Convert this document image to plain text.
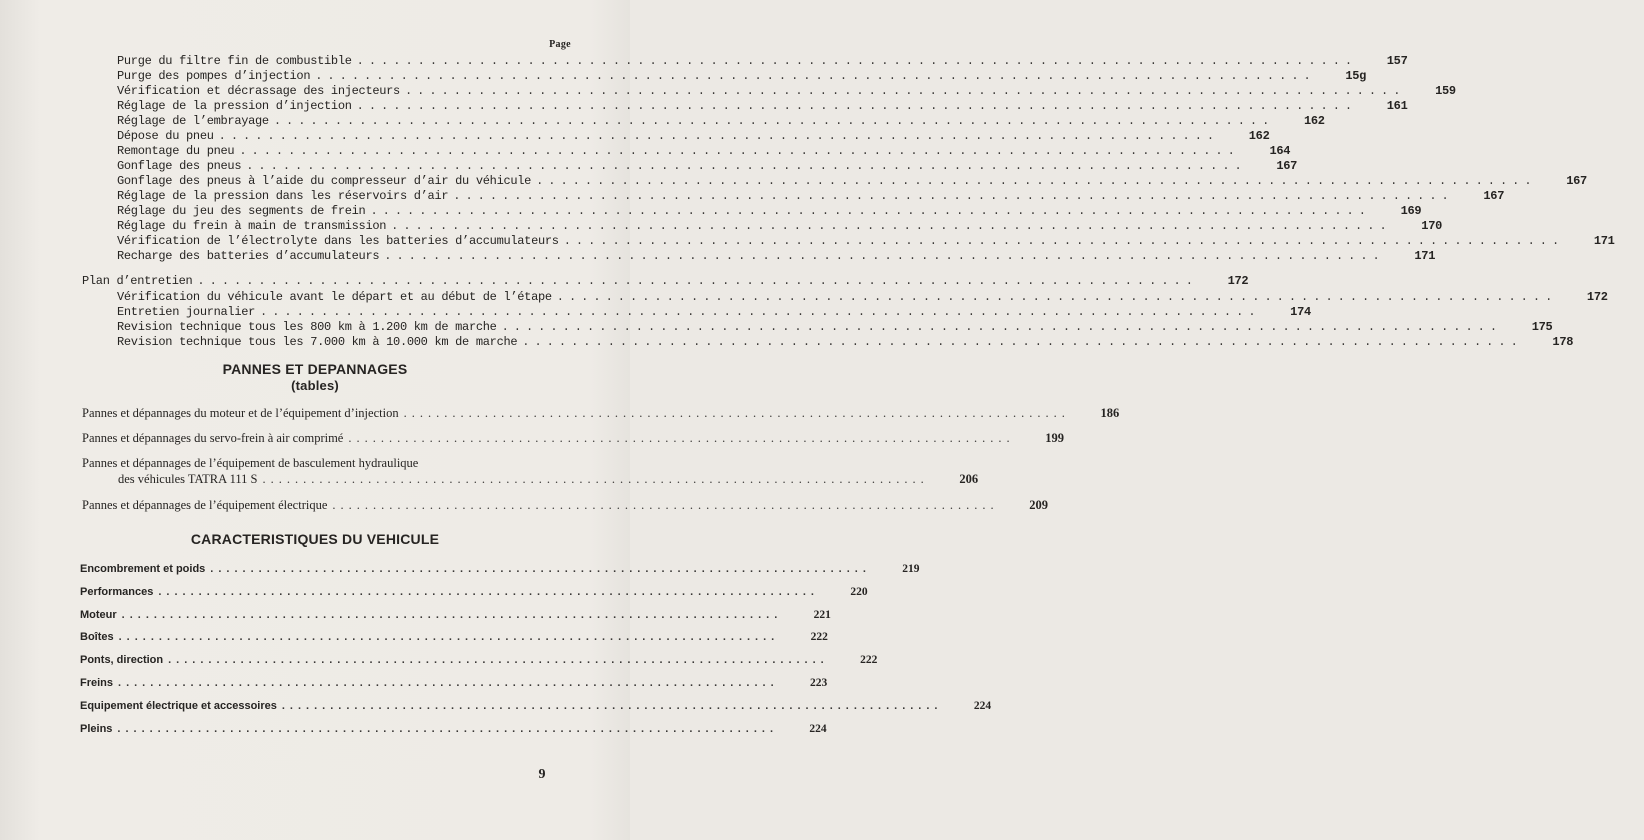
Page
Purge du filtre fin de combustible ..................................................................................	157
Purge des pompes d’injection ..................................................................................	15g
Vérification et décrassage des injecteurs ..................................................................................	159
Réglage de la pression d’injection ..................................................................................	161
Réglage de l’embrayage ..................................................................................	162
Dépose du pneu ..................................................................................	162
Remontage du pneu ..................................................................................	164
Gonflage des pneus ..................................................................................	167
Gonflage des pneus à l’aide du compresseur d’air du véhicule ..................................................................................	167
Réglage de la pression dans les réservoirs d’air ..................................................................................	167
Réglage du jeu des segments de frein ..................................................................................	169
Réglage du frein à main de transmission ..................................................................................	170
Vérification de l’électrolyte dans les batteries d’accumulateurs ..................................................................................	171
Recharge des batteries d’accumulateurs ..................................................................................	171
Plan d’entretien ..................................................................................	172
Vérification du véhicule avant le départ et au début de l’étape ..................................................................................	172
Entretien journalier ..................................................................................	174
Revision technique tous les 800 km à 1.200 km de marche ..................................................................................	175
Revision technique tous les 7.000 km à 10.000 km de marche ..................................................................................	178
PANNES ET DEPANNAGES
(tables)
Pannes et dépannages du moteur et de l’équipement d’injection ..................................................................................	186
Pannes et dépannages du servo-frein à air comprimé ..................................................................................	199
Pannes et dépannages de l’équipement de basculement hydraulique
des véhicules TATRA 111 S ..................................................................................	206
Pannes et dépannages de l’équipement électrique ..................................................................................	209
CARACTERISTIQUES DU VEHICULE
Encombrement et poids ..................................................................................	219
Performances ..................................................................................	220
Moteur ..................................................................................	221
Boîtes ..................................................................................	222
Ponts, direction ..................................................................................	222
Freins ..................................................................................	223
Equipement électrique et accessoires ..................................................................................	224
Pleins ..................................................................................	224
9
